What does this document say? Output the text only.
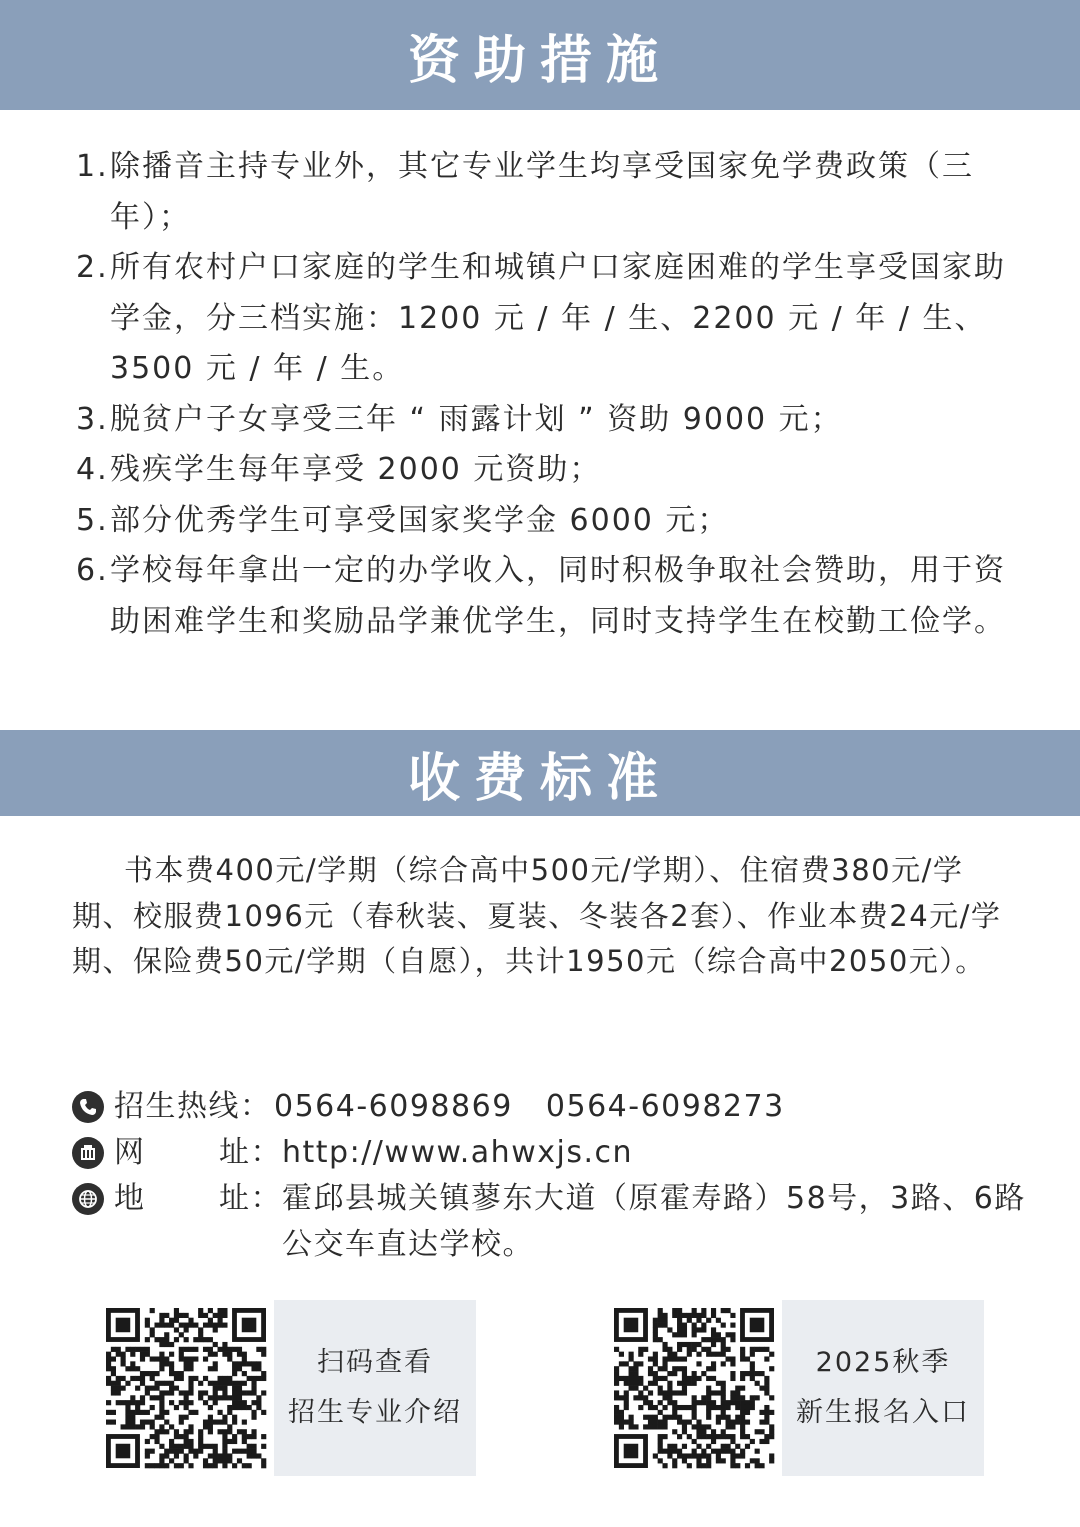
资助措施
1. 除播音主持专业外，其它专业学生均享受国家免学费政策（三年）；
2. 所有农村户口家庭的学生和城镇户口家庭困难的学生享受国家助学金，分三档实施：1200 元 / 年 / 生、2200 元 / 年 / 生、3500 元 / 年 / 生。
3. 脱贫户子女享受三年 “ 雨露计划 ” 资助 9000 元；
4. 残疾学生每年享受 2000 元资助；
5. 部分优秀学生可享受国家奖学金 6000 元；
6. 学校每年拿出一定的办学收入，同时积极争取社会赞助，用于资助困难学生和奖励品学兼优学生，同时支持学生在校勤工俭学。
收费标准

书本费400元/学期（综合高中500元/学期）、住宿费380元/学期、校服费1096元（春秋装、夏装、冬装各2套）、作业本费24元/学期、保险费50元/学期（自愿），共计1950元（综合高中2050元）。

招生热线： 0564-6098869   0564-6098273
网 址： http://www.ahwxjs.cn
地 址： 霍邱县城关镇蓼东大道（原霍寿路）58号，3路、6路公交车直达学校。
扫码查看
招生专业介绍
2025秋季
新生报名入口
